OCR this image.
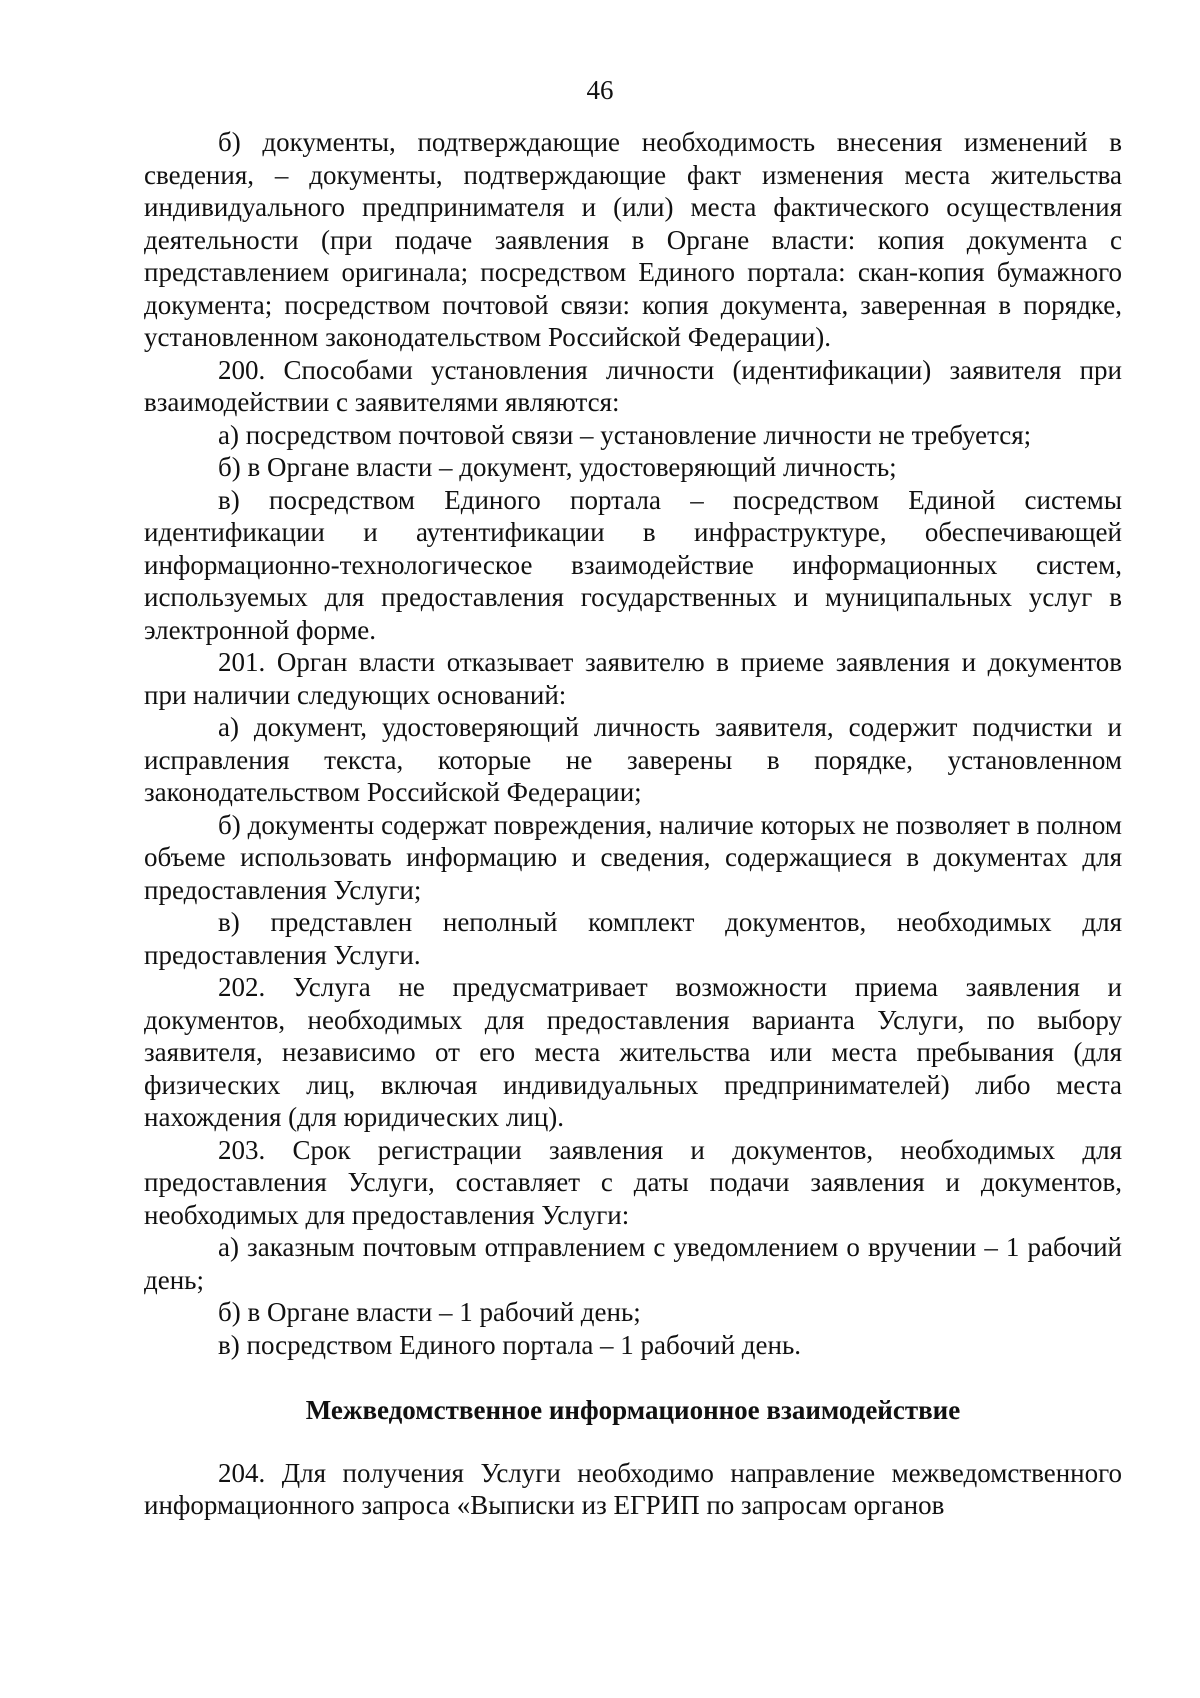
46

б) документы, подтверждающие необходимость внесения изменений в сведения, – документы, подтверждающие факт изменения места жительства индивидуального предпринимателя и (или) места фактического осуществления деятельности (при подаче заявления в Органе власти: копия документа с представлением оригинала; посредством Единого портала: скан-копия бумажного документа; посредством почтовой связи: копия документа, заверенная в порядке, установленном законодательством Российской Федерации).

200. Способами установления личности (идентификации) заявителя при взаимодействии с заявителями являются:

а) посредством почтовой связи – установление личности не требуется;

б) в Органе власти – документ, удостоверяющий личность;

в) посредством Единого портала – посредством Единой системы идентификации и аутентификации в инфраструктуре, обеспечивающей информационно-технологическое взаимодействие информационных систем, используемых для предоставления государственных и муниципальных услуг в электронной форме.

201. Орган власти отказывает заявителю в приеме заявления и документов при наличии следующих оснований:

а) документ, удостоверяющий личность заявителя, содержит подчистки и исправления текста, которые не заверены в порядке, установленном законодательством Российской Федерации;

б) документы содержат повреждения, наличие которых не позволяет в полном объеме использовать информацию и сведения, содержащиеся в документах для предоставления Услуги;

в) представлен неполный комплект документов, необходимых для предоставления Услуги.

202. Услуга не предусматривает возможности приема заявления и документов, необходимых для предоставления варианта Услуги, по выбору заявителя, независимо от его места жительства или места пребывания (для физических лиц, включая индивидуальных предпринимателей) либо места нахождения (для юридических лиц).

203. Срок регистрации заявления и документов, необходимых для предоставления Услуги, составляет с даты подачи заявления и документов, необходимых для предоставления Услуги:

а) заказным почтовым отправлением с уведомлением о вручении – 1 рабочий день;

б) в Органе власти – 1 рабочий день;

в) посредством Единого портала – 1 рабочий день.

Межведомственное информационное взаимодействие

204. Для получения Услуги необходимо направление межведомственного информационного запроса «Выписки из ЕГРИП по запросам органов
